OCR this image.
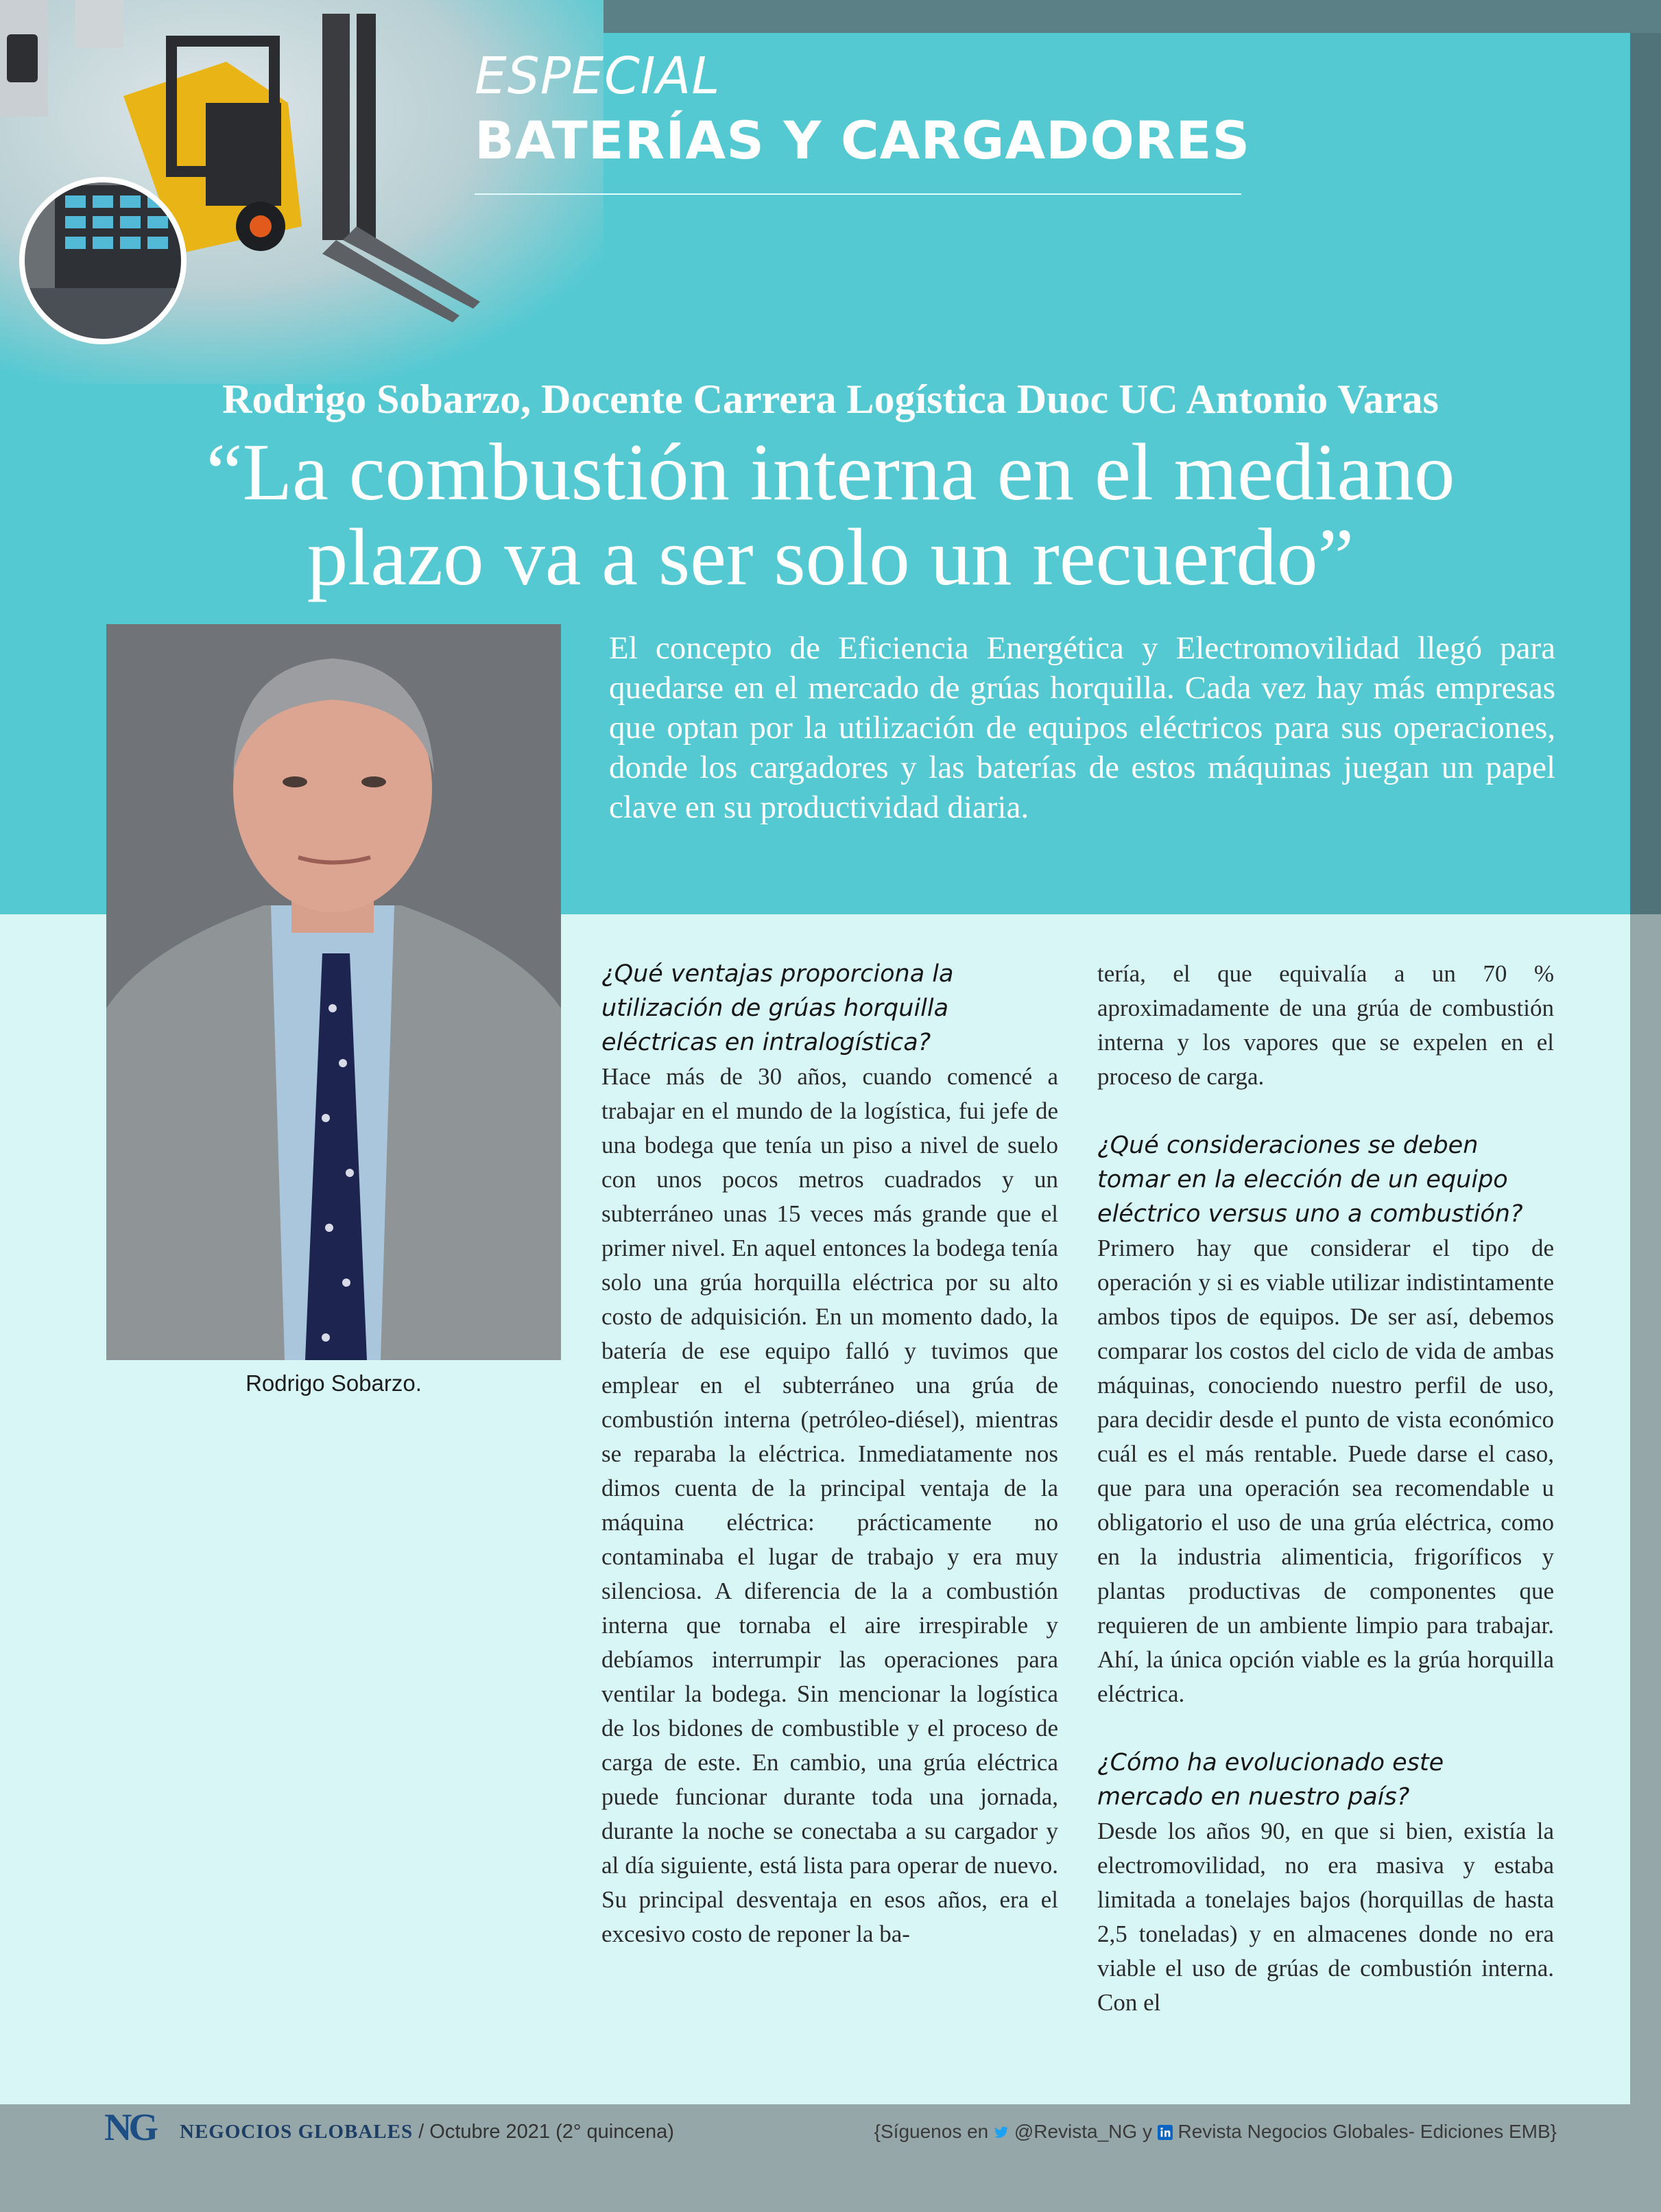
ESPECIAL
BATERÍAS Y CARGADORES
Rodrigo Sobarzo, Docente Carrera Logística Duoc UC Antonio Varas
“La combustión interna en el mediano
plazo va a ser solo un recuerdo”
Rodrigo Sobarzo.

El concepto de Eficiencia Energética y Electromovilidad llegó para quedarse en el mercado de grúas horquilla. Cada vez hay más empresas que optan por la utilización de equipos eléctricos para sus operaciones, donde los cargadores y las baterías de estos máquinas juegan un papel clave en su productividad diaria.

¿Qué ventajas proporciona la utilización de grúas horquilla eléctricas en intralogística?

Hace más de 30 años, cuando comencé a trabajar en el mundo de la logística, fui jefe de una bodega que tenía un piso a nivel de suelo con unos pocos metros cuadrados y un subterráneo unas 15 veces más grande que el primer nivel. En aquel entonces la bodega tenía solo una grúa horquilla eléctrica por su alto costo de adquisición. En un momento dado, la batería de ese equipo falló y tuvimos que emplear en el subterráneo una grúa de combustión interna (petróleo-diésel), mientras se reparaba la eléctrica. Inmediatamente nos dimos cuenta de la principal ventaja de la máquina eléctrica: prácticamente no contaminaba el lugar de trabajo y era muy silenciosa. A diferencia de la a combustión interna que tornaba el aire irrespirable y debíamos interrumpir las operaciones para ventilar la bodega. Sin mencionar la logística de los bidones de combustible y el proceso de carga de este. En cambio, una grúa eléctrica puede funcionar durante toda una jornada, durante la noche se conectaba a su cargador y al día siguiente, está lista para operar de nuevo. Su principal desventaja en esos años, era el excesivo costo de reponer la ba-

tería, el que equivalía a un 70 % aproximadamente de una grúa de combustión interna y los vapores que se expelen en el proceso de carga.

¿Qué consideraciones se deben tomar en la elección de un equipo eléctrico versus uno a combustión?

Primero hay que considerar el tipo de operación y si es viable utilizar indistintamente ambos tipos de equipos. De ser así, debemos comparar los costos del ciclo de vida de ambas máquinas, conociendo nuestro perfil de uso, para decidir desde el punto de vista económico cuál es el más rentable. Puede darse el caso, que para una operación sea recomendable u obligatorio el uso de una grúa eléctrica, como en la industria alimenticia, frigoríficos y plantas productivas de componentes que requieren de un ambiente limpio para trabajar. Ahí, la única opción viable es la grúa horquilla eléctrica.

¿Cómo ha evolucionado este mercado en nuestro país?

Desde los años 90, en que si bien, existía la electromovilidad, no era masiva y estaba limitada a tonelajes bajos (horquillas de hasta 2,5 toneladas) y en almacenes donde no era viable el uso de grúas de combustión interna. Con el

NG NEGOCIOS GLOBALES / Octubre 2021 (2° quincena)	{Síguenos en  @Revista_NG y  Revista Negocios Globales- Ediciones EMB}
